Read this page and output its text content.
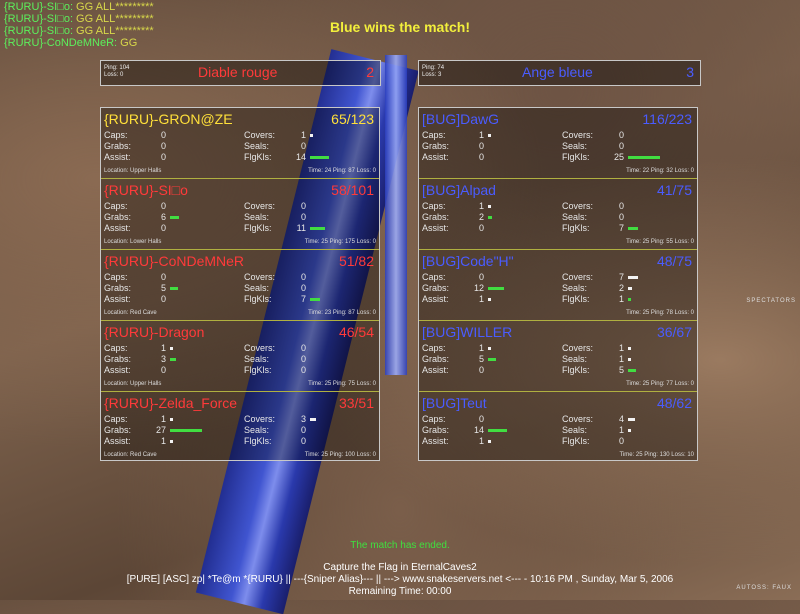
{RURU}-SI□o: GG ALL*********
{RURU}-SI□o: GG ALL*********
{RURU}-SI□o: GG ALL*********
{RURU}-CoNDeMNeR: GG
Blue wins the match!
Ping: 104
Loss: 0	Diable rouge	2	Ping: 74
Loss: 3	Ange bleue	3
{RURU}-GRON@ZE	65/123
Caps:	0
Grabs:	0
Assist:	0
Covers:	1
Seals:	0
FlgKls:	14
Location: Upper Halls	Time: 24 Ping: 87 Loss: 0
{RURU}-SI□o	58/101
Caps:	0
Grabs:	6
Assist:	0
Covers:	0
Seals:	0
FlgKls:	11
Location: Lower Halls	Time: 25 Ping: 175 Loss: 0
{RURU}-CoNDeMNeR	51/82
Caps:	0
Grabs:	5
Assist:	0
Covers:	0
Seals:	0
FlgKls:	7
Location: Red Cave	Time: 23 Ping: 87 Loss: 0
{RURU}-Dragon	46/54
Caps:	1
Grabs:	3
Assist:	0
Covers:	0
Seals:	0
FlgKls:	0
Location: Upper Halls	Time: 25 Ping: 75 Loss: 0
{RURU}-Zelda_Force	33/51
Caps:	1
Grabs:	27
Assist:	1
Covers:	3
Seals:	0
FlgKls:	0
Location: Red Cave	Time: 25 Ping: 100 Loss: 0
[BUG]DawG	116/223
Caps:	1
Grabs:	0
Assist:	0
Covers:	0
Seals:	0
FlgKls:	25
Time: 22 Ping: 32 Loss: 0
[BUG]Alpad	41/75
Caps:	1
Grabs:	2
Assist:	0
Covers:	0
Seals:	0
FlgKls:	7
Time: 25 Ping: 55 Loss: 0
[BUG]Code"H"	48/75
Caps:	0
Grabs:	12
Assist:	1
Covers:	7
Seals:	2
FlgKls:	1
Time: 25 Ping: 78 Loss: 0
[BUG]WILLER	36/67
Caps:	1
Grabs:	5
Assist:	0
Covers:	1
Seals:	1
FlgKls:	5
Time: 25 Ping: 77 Loss: 0
[BUG]Teut	48/62
Caps:	0
Grabs:	14
Assist:	1
Covers:	4
Seals:	1
FlgKls:	0
Time: 25 Ping: 130 Loss: 10
SPECTATORS
The match has ended.
Capture the Flag in EternalCaves2
[PURE] [ASC] zp| *Te@m *{RURU} || ---{Sniper Alias}--- || ---> www.snakeservers.net <--- - 10:16 PM , Sunday, Mar 5, 2006
Remaining Time: 00:00	AUTOSS: FAUX
